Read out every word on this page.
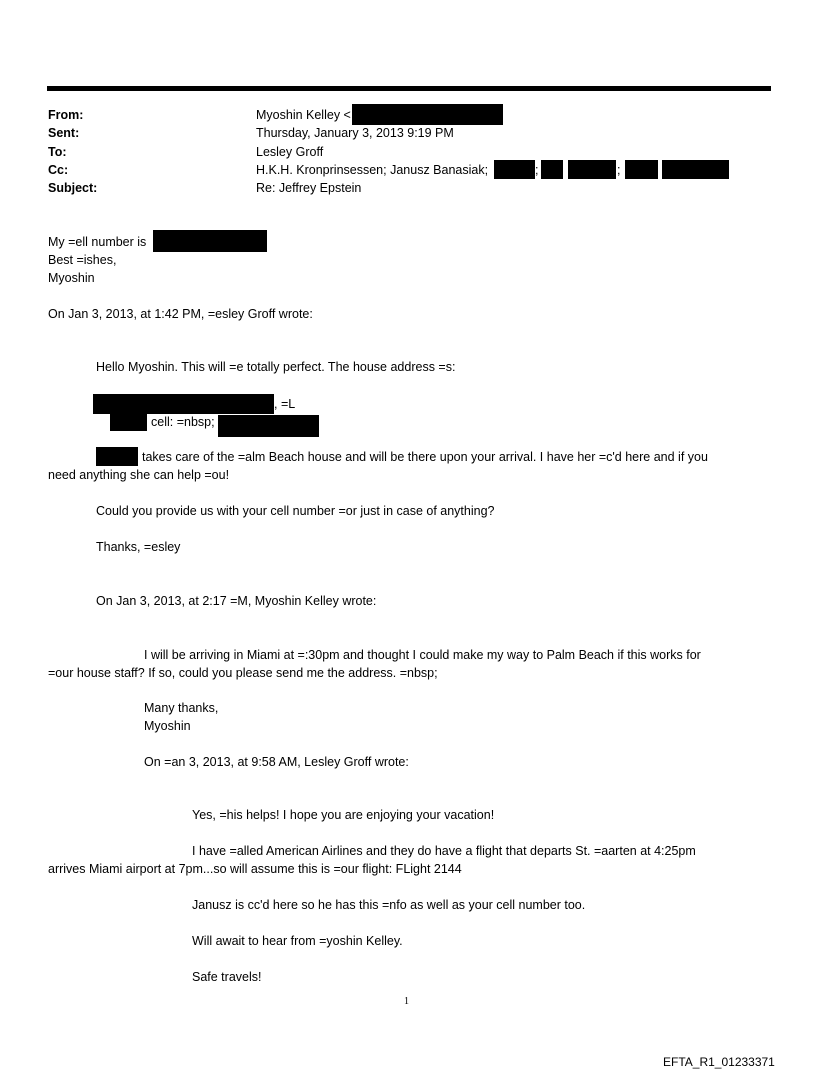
From:	Myoshin Kelley <
Sent:	Thursday, January 3, 2013 9:19 PM
To:	Lesley Groff
Cc:	H.K.H. Kronprinsessen; Janusz Banasiak;	;	;
Subject:	Re: Jeffrey Epstein
My =ell number is
Best =ishes,
Myoshin
On Jan 3, 2013, at 1:42 PM, =esley Groff wrote:
Hello Myoshin. This will =e totally perfect. The house address =s:
, =L
cell: =nbsp;
takes care of the =alm Beach house and will be there upon your arrival. I have her =c'd here and if you
need anything she can help =ou!
Could you provide us with your cell number =or just in case of anything?
Thanks, =esley
On Jan 3, 2013, at 2:17 =M, Myoshin Kelley wrote:
I will be arriving in Miami at =:30pm and thought I could make my way to Palm Beach if this works for
=our house staff? If so, could you please send me the address. =nbsp;
Many thanks,
Myoshin
On =an 3, 2013, at 9:58 AM, Lesley Groff wrote:
Yes, =his helps! I hope you are enjoying your vacation!
I have =alled American Airlines and they do have a flight that departs St. =aarten at 4:25pm
arrives Miami airport at 7pm...so will assume this is =our flight: FLight 2144
Janusz is cc'd here so he has this =nfo as well as your cell number too.
Will await to hear from =yoshin Kelley.
Safe travels!
1
EFTA_R1_01233371
